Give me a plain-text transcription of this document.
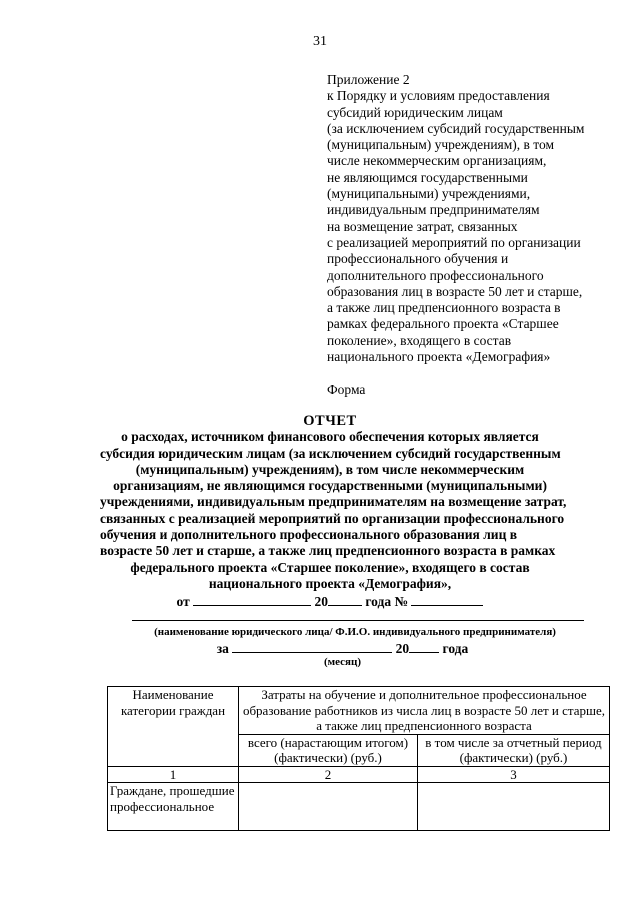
31
Приложение 2
к Порядку и условиям предоставления
субсидий юридическим лицам
(за исключением субсидий государственным
(муниципальным) учреждениям), в том
числе некоммерческим организациям,
не являющимся государственными
(муниципальными) учреждениями,
индивидуальным предпринимателям
на возмещение затрат, связанных
с реализацией мероприятий по организации
профессионального обучения и
дополнительного профессионального
образования лиц в возрасте 50 лет и старше,
а также лиц предпенсионного возраста в
рамках федерального проекта «Старшее
поколение», входящего в состав
национального проекта «Демография»
Форма
ОТЧЕТ
о расходах, источником финансового обеспечения которых является
субсидия юридическим лицам (за исключением субсидий государственным
(муниципальным) учреждениям), в том числе некоммерческим
организациям, не являющимся государственными (муниципальными)
учреждениями, индивидуальным предпринимателям на возмещение затрат,
связанных с реализацией мероприятий по организации профессионального
обучения и дополнительного профессионального образования лиц в
возрасте 50 лет и старше, а также лиц предпенсионного возраста в рамках
федерального проекта «Старшее поколение», входящего в состав
национального проекта «Демография»,
от	20	года №
(наименование юридического лица/ Ф.И.О. индивидуального предпринимателя)
за	20 года
(месяц)
Наименование категории граждан	Затраты на обучение и дополнительное профессиональное образование работников из числа лиц в возрасте 50 лет и старше, а также лиц предпенсионного возраста	
	всего (нарастающим итогом) (фактически) (руб.)	в том числе за отчетный период (фактически) (руб.)
1	2	3
Граждане, прошедшие профессиональное		
